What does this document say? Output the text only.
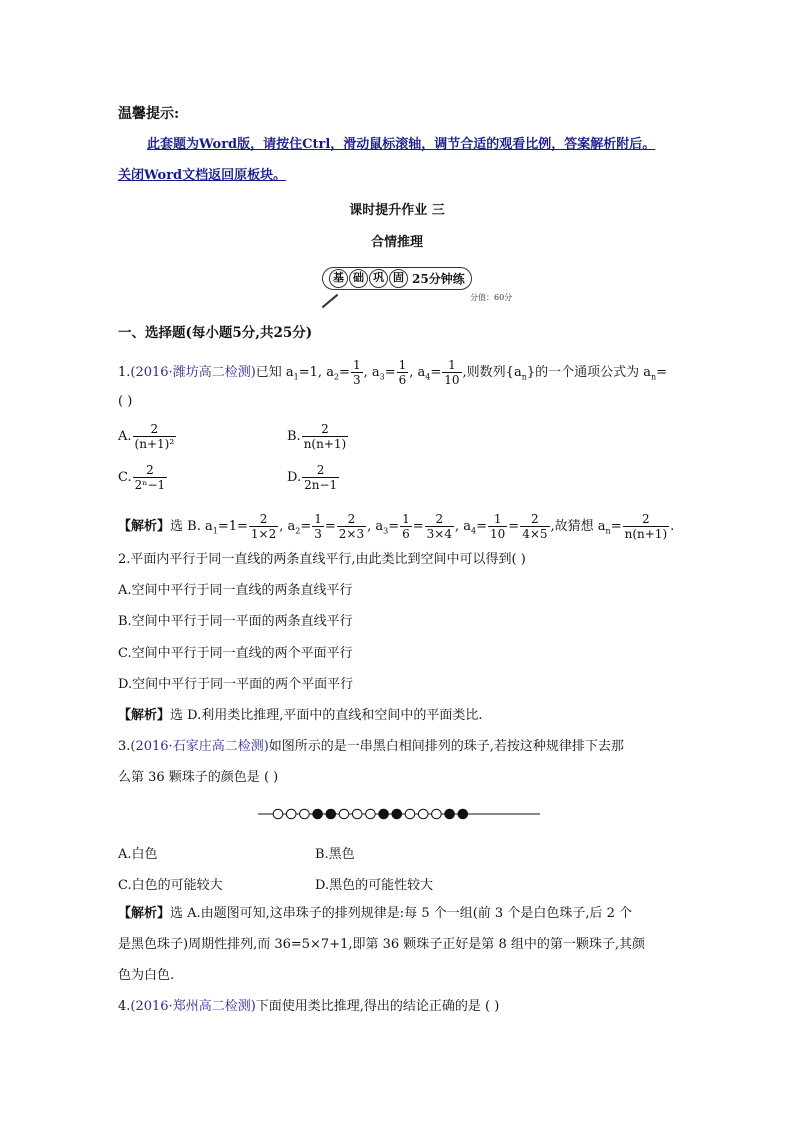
温馨提示:
此套题为Word版，请按住Ctrl，滑动鼠标滚轴，调节合适的观看比例，答案解析附后。
关闭Word文档返回原板块。
课时提升作业 三
合情推理
基 础 巩 固 25分钟练

分值：60分
一、选择题(每小题5分,共25分)
1.(2016·潍坊高二检测)已知 $a_1=1$, $a_2= \frac{1}{3}$ , $a_3= \frac{1}{6}$ , $a_4= \frac{1}{10}$ ,则数列$\{a_n\}$的一个通项公式为 $a_n=$
( )
A. $\frac{2}{\text{(n+1)²}}$	B. $\frac{2}{n(n+1)}$
C. $\frac{2}{\text{2ⁿ−1}}$	D. $\frac{2}{2n-1}$
【解析】选 B. $a_1=1= \frac{2}{1\times 2}$ , $a_2= \frac{1}{3} = \frac{2}{2\times 3}$ , $a_3= \frac{1}{6} = \frac{2}{3\times 4}$ , $a_4= \frac{1}{10} = \frac{2}{4\times 5}$ ,故猜想 $a_n= \frac{2}{n(n+1)}$ .
2.平面内平行于同一直线的两条直线平行,由此类比到空间中可以得到( )
A.空间中平行于同一直线的两条直线平行
B.空间中平行于同一平面的两条直线平行
C.空间中平行于同一直线的两个平面平行
D.空间中平行于同一平面的两个平面平行
【解析】选 D.利用类比推理,平面中的直线和空间中的平面类比.
3.(2016·石家庄高二检测)如图所示的是一串黑白相间排列的珠子,若按这种规律排下去那
么第 36 颗珠子的颜色是 ( )
A.白色	B.黑色
C.白色的可能较大	D.黑色的可能性较大
【解析】选 A.由题图可知,这串珠子的排列规律是:每 5 个一组(前 3 个是白色珠子,后 2 个
是黑色珠子)周期性排列,而 36=5×7+1,即第 36 颗珠子正好是第 8 组中的第一颗珠子,其颜
色为白色.
4.(2016·郑州高二检测)下面使用类比推理,得出的结论正确的是 ( )
